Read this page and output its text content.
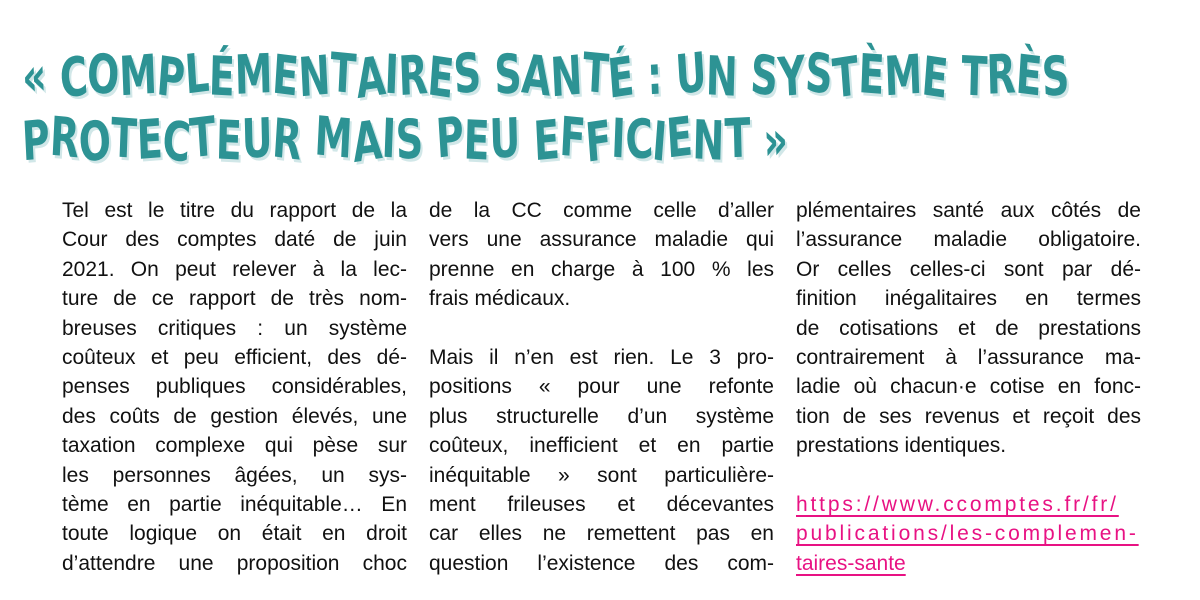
« COMPLÉMENTAIRES SANTÉ : UN SYSTÈME TRÈS
PROTECTEUR MAIS PEU EFFICIENT »
Tel est le titre du rapport de la
Cour des comptes daté de juin
2021. On peut relever à la lec-
ture de ce rapport de très nom-
breuses critiques : un système
coûteux et peu efficient, des dé-
penses publiques considérables,
des coûts de gestion élevés, une
taxation complexe qui pèse sur
les personnes âgées, un sys-
tème en partie inéquitable… En
toute logique on était en droit
d’attendre une proposition choc
de la CC comme celle d’aller
vers une assurance maladie qui
prenne en charge à 100 % les
frais médicaux.

Mais il n’en est rien. Le 3 pro-
positions « pour une refonte
plus structurelle d’un système
coûteux, inefficient et en partie
inéquitable » sont particulière-
ment frileuses et décevantes
car elles ne remettent pas en
question l’existence des com-
plémentaires santé aux côtés de
l’assurance maladie obligatoire.
Or celles celles-ci sont par dé-
finition inégalitaires en termes
de cotisations et de prestations
contrairement à l’assurance ma-
ladie où chacun·e cotise en fonc-
tion de ses revenus et reçoit des
prestations identiques.

https://www.ccomptes.fr/fr/
publications/les-complemen-
taires-sante
